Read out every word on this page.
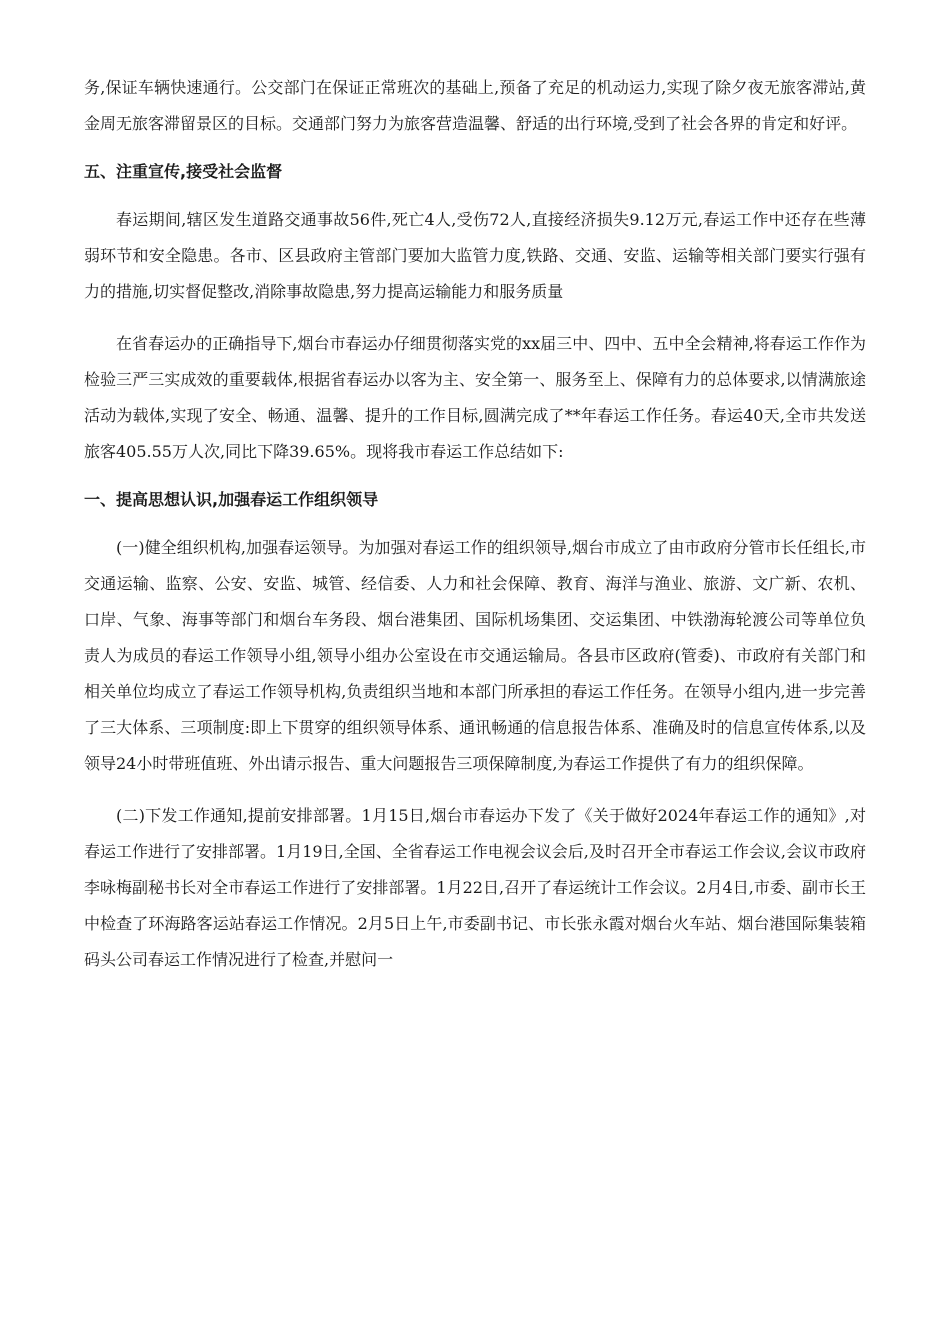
务,保证车辆快速通行。公交部门在保证正常班次的基础上,预备了充足的机动运力,实现了除夕夜无旅客滞站,黄金周无旅客滞留景区的目标。交通部门努力为旅客营造温馨、舒适的出行环境,受到了社会各界的肯定和好评。

五、注重宣传,接受社会监督

春运期间,辖区发生道路交通事故56件,死亡4人,受伤72人,直接经济损失9.12万元,春运工作中还存在些薄弱环节和安全隐患。各市、区县政府主管部门要加大监管力度,铁路、交通、安监、运输等相关部门要实行强有力的措施,切实督促整改,消除事故隐患,努力提高运输能力和服务质量

在省春运办的正确指导下,烟台市春运办仔细贯彻落实党的xx届三中、四中、五中全会精神,将春运工作作为检验三严三实成效的重要载体,根据省春运办以客为主、安全第一、服务至上、保障有力的总体要求,以情满旅途活动为载体,实现了安全、畅通、温馨、提升的工作目标,圆满完成了**年春运工作任务。春运40天,全市共发送旅客405.55万人次,同比下降39.65%。现将我市春运工作总结如下:

一、提高思想认识,加强春运工作组织领导

(一)健全组织机构,加强春运领导。为加强对春运工作的组织领导,烟台市成立了由市政府分管市长任组长,市交通运输、监察、公安、安监、城管、经信委、人力和社会保障、教育、海洋与渔业、旅游、文广新、农机、口岸、气象、海事等部门和烟台车务段、烟台港集团、国际机场集团、交运集团、中铁渤海轮渡公司等单位负责人为成员的春运工作领导小组,领导小组办公室设在市交通运输局。各县市区政府(管委)、市政府有关部门和相关单位均成立了春运工作领导机构,负责组织当地和本部门所承担的春运工作任务。在领导小组内,进一步完善了三大体系、三项制度:即上下贯穿的组织领导体系、通讯畅通的信息报告体系、准确及时的信息宣传体系,以及领导24小时带班值班、外出请示报告、重大问题报告三项保障制度,为春运工作提供了有力的组织保障。

(二)下发工作通知,提前安排部署。1月15日,烟台市春运办下发了《关于做好2024年春运工作的通知》,对春运工作进行了安排部署。1月19日,全国、全省春运工作电视会议会后,及时召开全市春运工作会议,会议市政府李咏梅副秘书长对全市春运工作进行了安排部署。1月22日,召开了春运统计工作会议。2月4日,市委、副市长王中检查了环海路客运站春运工作情况。2月5日上午,市委副书记、市长张永霞对烟台火车站、烟台港国际集装箱码头公司春运工作情况进行了检查,并慰问一
